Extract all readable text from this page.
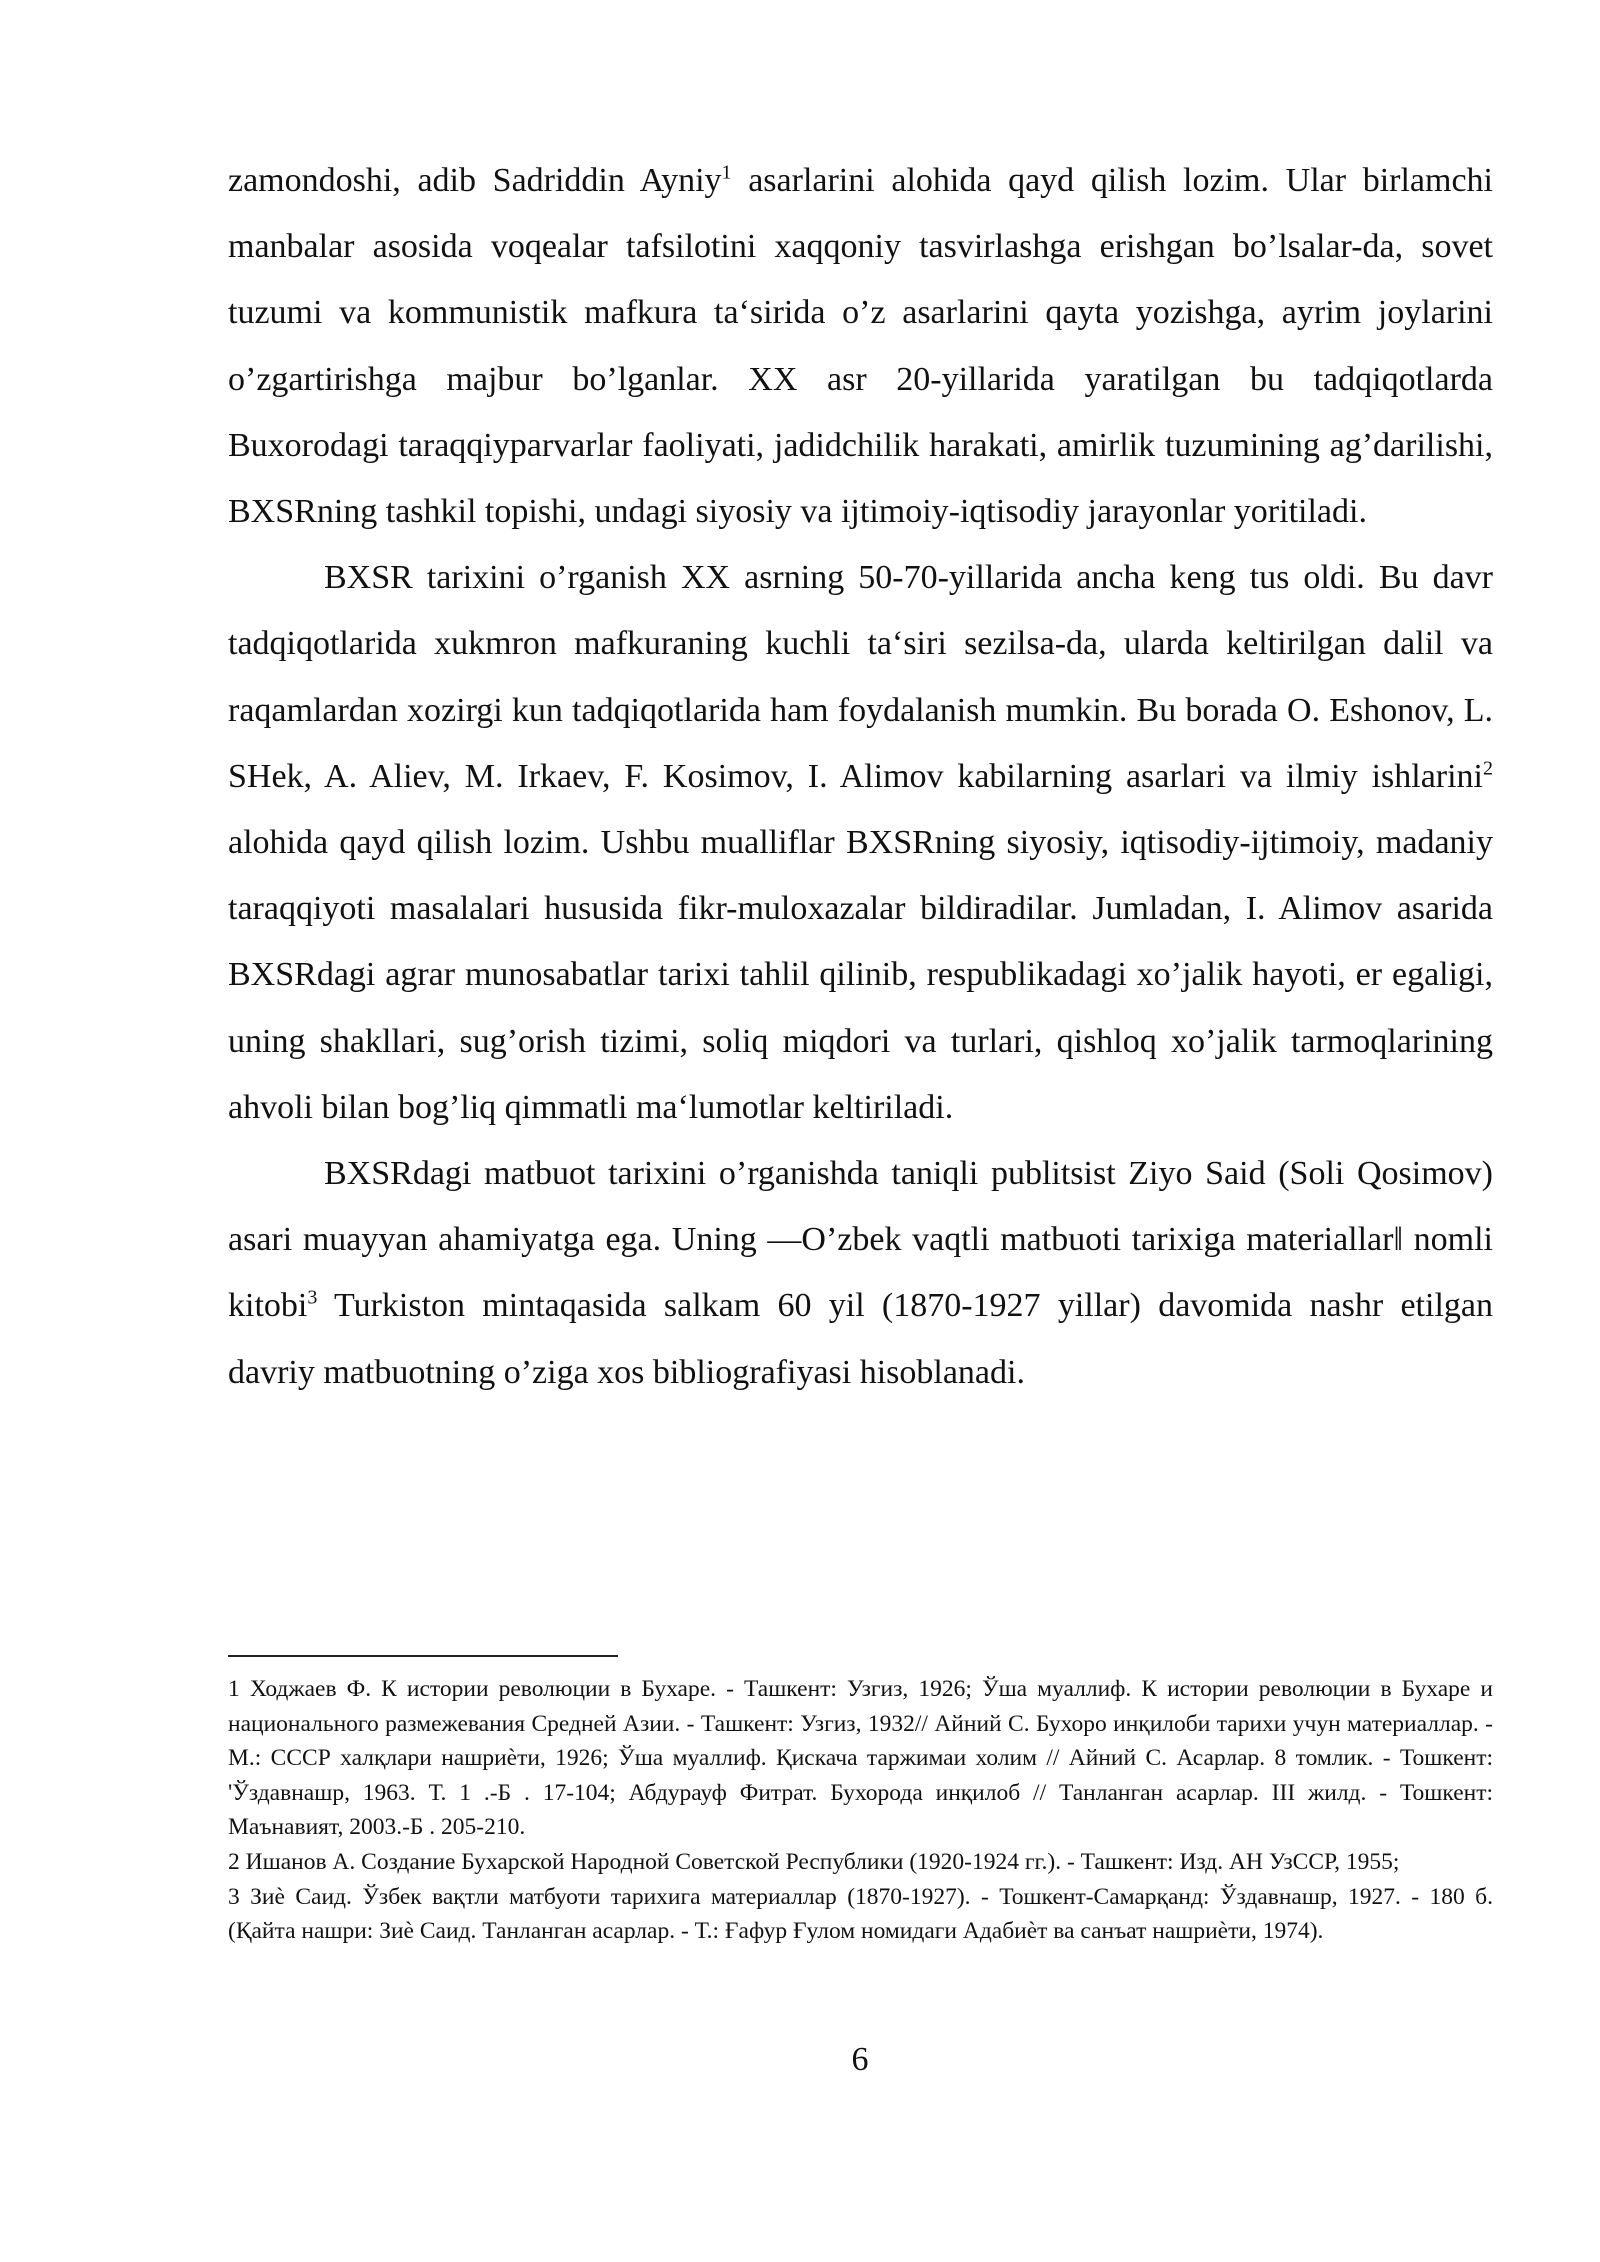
zamondoshi, adib Sadriddin Ayniy$^1$ asarlarini alohida qayd qilish lozim. Ular birlamchi manbalar asosida voqealar tafsilotini xaqqoniy tasvirlashga erishgan bo’lsalar-da, sovet tuzumi va kommunistik mafkura ta‘sirida o’z asarlarini qayta yozishga, ayrim joylarini o’zgartirishga majbur bo’lganlar. XX asr 20-yillarida yaratilgan bu tadqiqotlarda Buxorodagi taraqqiyparvarlar faoliyati, jadidchilik harakati, amirlik tuzumining ag’darilishi, BXSRning tashkil topishi, undagi siyosiy va ijtimoiy-iqtisodiy jarayonlar yoritiladi.

BXSR tarixini o’rganish XX asrning 50-70-yillarida ancha keng tus oldi. Bu davr tadqiqotlarida xukmron mafkuraning kuchli ta‘siri sezilsa-da, ularda keltirilgan dalil va raqamlardan xozirgi kun tadqiqotlarida ham foydalanish mumkin. Bu borada O. Eshonov, L. SHek, A. Aliev, M. Irkaev, F. Kosimov, I. Alimov kabilarning asarlari va ilmiy ishlarini$^2$ alohida qayd qilish lozim. Ushbu mualliflar BXSRning siyosiy, iqtisodiy-ijtimoiy, madaniy taraqqiyoti masalalari hususida fikr-muloxazalar bildiradilar. Jumladan, I. Alimov asarida BXSRdagi agrar munosabatlar tarixi tahlil qilinib, respublikadagi xo’jalik hayoti, er egaligi, uning shakllari, sug’orish tizimi, soliq miqdori va turlari, qishloq xo’jalik tarmoqlarining ahvoli bilan bog’liq qimmatli ma‘lumotlar keltiriladi.

BXSRdagi matbuot tarixini o’rganishda taniqli publitsist Ziyo Said (Soli Qosimov) asari muayyan ahamiyatga ega. Uning ―O’zbek vaqtli matbuoti tarixiga materiallar‖ nomli kitobi$^3$ Turkiston mintaqasida salkam 60 yil (1870-1927 yillar) davomida nashr etilgan davriy matbuotning o’ziga xos bibliografiyasi hisoblanadi.

1 Ходжаев Ф. К истории революции в Бухаре. - Ташкент: Узгиз, 1926; Ўша муаллиф. К истории революции в Бухаре и национального размежевания Средней Азии. - Ташкент: Узгиз, 1932// Айний С. Бухоро инқилоби тарихи учун материаллар. - М.: СССР халқлари нашриѐти, 1926; Ўша муаллиф. Қискача таржимаи холим // Айний С. Асарлар. 8 томлик. - Тошкент: 'Ўздавнашр, 1963. Т. 1 .-Б . 17-104; Абдурауф Фитрат. Бухорода инқилоб // Танланган асарлар. III жилд. - Тошкент: Маънавият, 2003.-Б . 205-210.

2 Ишанов А. Создание Бухарской Народной Советской Республики (1920-1924 гг.). - Ташкент: Изд. АН УзССР, 1955;

3 Зиѐ Саид. Ўзбек вақтли матбуоти тарихига материаллар (1870-1927). - Тошкент-Самарқанд: Ўздавнашр, 1927. - 180 б. (Қайта нашри: Зиѐ Саид. Танланган асарлар. - Т.: Ғафур Ғулом номидаги Адабиѐт ва санъат нашриѐти, 1974).

6
